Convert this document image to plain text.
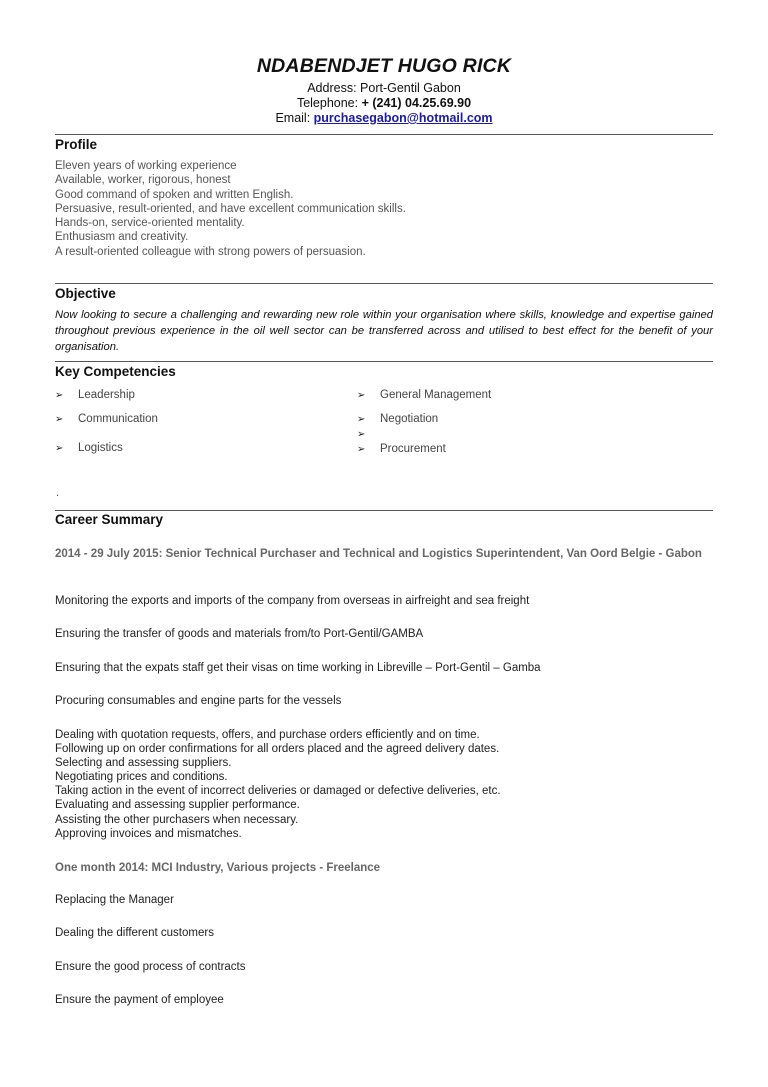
NDABENDJET HUGO RICK
Address: Port-Gentil Gabon
Telephone: + (241) 04.25.69.90
Email: purchasegabon@hotmail.com
Profile
Eleven years of working experience
Available, worker, rigorous, honest
Good command of spoken and written English.
Persuasive, result-oriented, and have excellent communication skills.
Hands-on, service-oriented mentality.
Enthusiasm and creativity.
A result-oriented colleague with strong powers of persuasion.
Objective
Now looking to secure a challenging and rewarding new role within your organisation where skills, knowledge and expertise gained throughout previous experience in the oil well sector can be transferred across and utilised to best effect for the benefit of your organisation.
Key Competencies
➢ Leadership
➢ Communication
➢ Logistics
➢ General Management
➢ Negotiation
➢
➢ Procurement
.
Career Summary
2014 - 29 July 2015: Senior Technical Purchaser and Technical and Logistics Superintendent, Van Oord Belgie - Gabon
Monitoring the exports and imports of the company from overseas in airfreight and sea freight
Ensuring the transfer of goods and materials from/to Port-Gentil/GAMBA
Ensuring that the expats staff get their visas on time working in Libreville – Port-Gentil – Gamba
Procuring consumables and engine parts for the vessels
Dealing with quotation requests, offers, and purchase orders efficiently and on time.
Following up on order confirmations for all orders placed and the agreed delivery dates.
Selecting and assessing suppliers.
Negotiating prices and conditions.
Taking action in the event of incorrect deliveries or damaged or defective deliveries, etc.
Evaluating and assessing supplier performance.
Assisting the other purchasers when necessary.
Approving invoices and mismatches.
One month 2014: MCI Industry, Various projects - Freelance
Replacing the Manager
Dealing the different customers
Ensure the good process of contracts
Ensure the payment of employee
